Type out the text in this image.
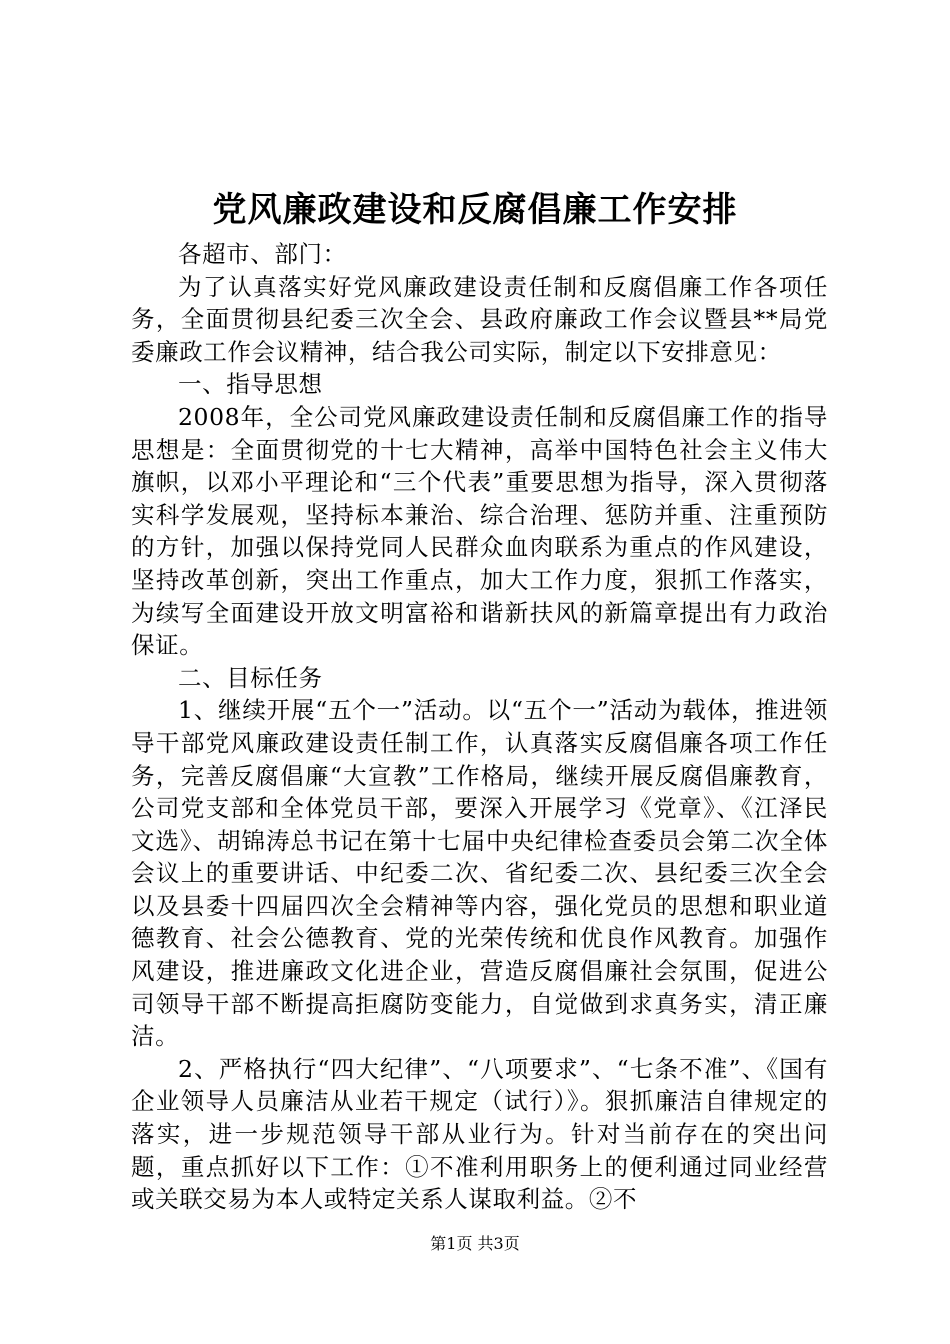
党风廉政建设和反腐倡廉工作安排

各超市、部门：

为了认真落实好党风廉政建设责任制和反腐倡廉工作各项任务，全面贯彻县纪委三次全会、县政府廉政工作会议暨县**局党委廉政工作会议精神，结合我公司实际，制定以下安排意见：

一、指导思想

2008年，全公司党风廉政建设责任制和反腐倡廉工作的指导思想是：全面贯彻党的十七大精神，高举中国特色社会主义伟大旗帜，以邓小平理论和“三个代表”重要思想为指导，深入贯彻落实科学发展观，坚持标本兼治、综合治理、惩防并重、注重预防的方针，加强以保持党同人民群众血肉联系为重点的作风建设，坚持改革创新，突出工作重点，加大工作力度，狠抓工作落实，为续写全面建设开放文明富裕和谐新扶风的新篇章提出有力政治保证。

二、目标任务

1、继续开展“五个一”活动。以“五个一”活动为载体，推进领导干部党风廉政建设责任制工作，认真落实反腐倡廉各项工作任务，完善反腐倡廉“大宣教”工作格局，继续开展反腐倡廉教育，公司党支部和全体党员干部，要深入开展学习《党章》、《江泽民文选》、胡锦涛总书记在第十七届中央纪律检查委员会第二次全体会议上的重要讲话、中纪委二次、省纪委二次、县纪委三次全会以及县委十四届四次全会精神等内容，强化党员的思想和职业道德教育、社会公德教育、党的光荣传统和优良作风教育。加强作风建设，推进廉政文化进企业，营造反腐倡廉社会氛围，促进公司领导干部不断提高拒腐防变能力，自觉做到求真务实，清正廉洁。

2、严格执行“四大纪律”、“八项要求”、“七条不准”、《国有企业领导人员廉洁从业若干规定（试行）》。狠抓廉洁自律规定的落实，进一步规范领导干部从业行为。针对当前存在的突出问题，重点抓好以下工作：①不准利用职务上的便利通过同业经营或关联交易为本人或特定关系人谋取利益。②不

第1页 共3页
